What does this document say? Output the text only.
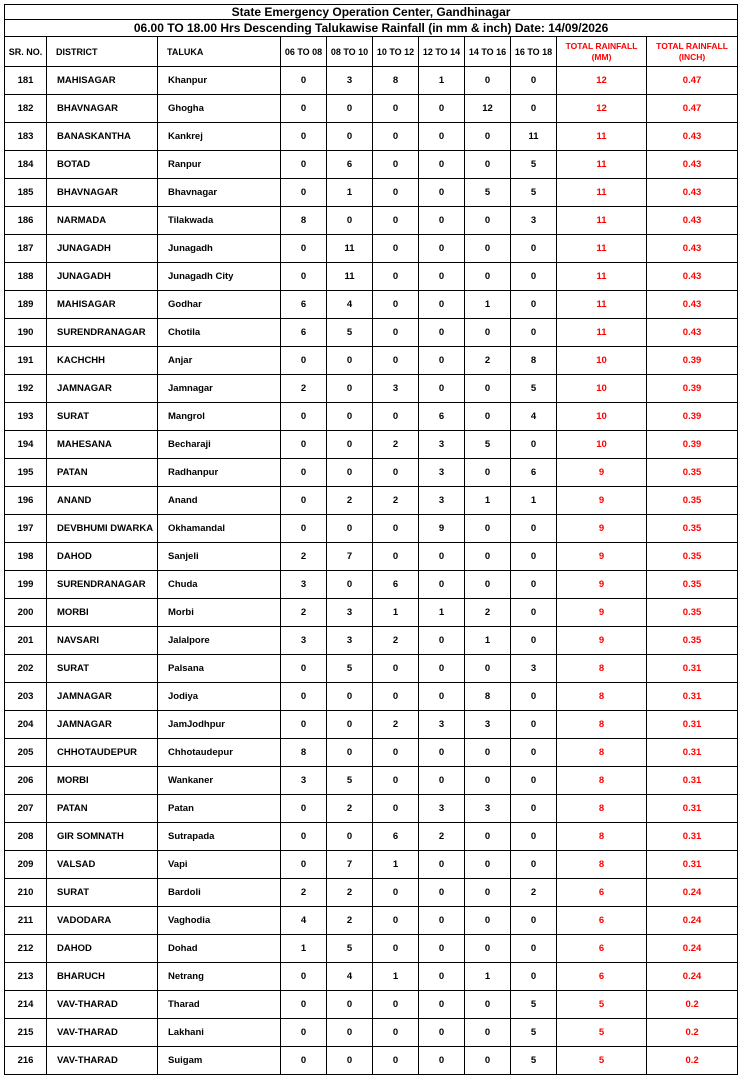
State Emergency Operation Center, Gandhinagar										
06.00 TO 18.00 Hrs Descending Talukawise Rainfall (in mm & inch) Date: 14/09/2026										
SR. NO.	DISTRICT	TALUKA	06 TO 08	08 TO 10	10 TO 12	12 TO 14	14 TO 16	16 TO 18	TOTAL RAINFALL (MM)	TOTAL RAINFALL (INCH)
181	MAHISAGAR	Khanpur	0	3	8	1	0	0	12	0.47
182	BHAVNAGAR	Ghogha	0	0	0	0	12	0	12	0.47
183	BANASKANTHA	Kankrej	0	0	0	0	0	11	11	0.43
184	BOTAD	Ranpur	0	6	0	0	0	5	11	0.43
185	BHAVNAGAR	Bhavnagar	0	1	0	0	5	5	11	0.43
186	NARMADA	Tilakwada	8	0	0	0	0	3	11	0.43
187	JUNAGADH	Junagadh	0	11	0	0	0	0	11	0.43
188	JUNAGADH	Junagadh City	0	11	0	0	0	0	11	0.43
189	MAHISAGAR	Godhar	6	4	0	0	1	0	11	0.43
190	SURENDRANAGAR	Chotila	6	5	0	0	0	0	11	0.43
191	KACHCHH	Anjar	0	0	0	0	2	8	10	0.39
192	JAMNAGAR	Jamnagar	2	0	3	0	0	5	10	0.39
193	SURAT	Mangrol	0	0	0	6	0	4	10	0.39
194	MAHESANA	Becharaji	0	0	2	3	5	0	10	0.39
195	PATAN	Radhanpur	0	0	0	3	0	6	9	0.35
196	ANAND	Anand	0	2	2	3	1	1	9	0.35
197	DEVBHUMI DWARKA	Okhamandal	0	0	0	9	0	0	9	0.35
198	DAHOD	Sanjeli	2	7	0	0	0	0	9	0.35
199	SURENDRANAGAR	Chuda	3	0	6	0	0	0	9	0.35
200	MORBI	Morbi	2	3	1	1	2	0	9	0.35
201	NAVSARI	Jalalpore	3	3	2	0	1	0	9	0.35
202	SURAT	Palsana	0	5	0	0	0	3	8	0.31
203	JAMNAGAR	Jodiya	0	0	0	0	8	0	8	0.31
204	JAMNAGAR	JamJodhpur	0	0	2	3	3	0	8	0.31
205	CHHOTAUDEPUR	Chhotaudepur	8	0	0	0	0	0	8	0.31
206	MORBI	Wankaner	3	5	0	0	0	0	8	0.31
207	PATAN	Patan	0	2	0	3	3	0	8	0.31
208	GIR SOMNATH	Sutrapada	0	0	6	2	0	0	8	0.31
209	VALSAD	Vapi	0	7	1	0	0	0	8	0.31
210	SURAT	Bardoli	2	2	0	0	0	2	6	0.24
211	VADODARA	Vaghodia	4	2	0	0	0	0	6	0.24
212	DAHOD	Dohad	1	5	0	0	0	0	6	0.24
213	BHARUCH	Netrang	0	4	1	0	1	0	6	0.24
214	VAV-THARAD	Tharad	0	0	0	0	0	5	5	0.2
215	VAV-THARAD	Lakhani	0	0	0	0	0	5	5	0.2
216	VAV-THARAD	Suigam	0	0	0	0	0	5	5	0.2
